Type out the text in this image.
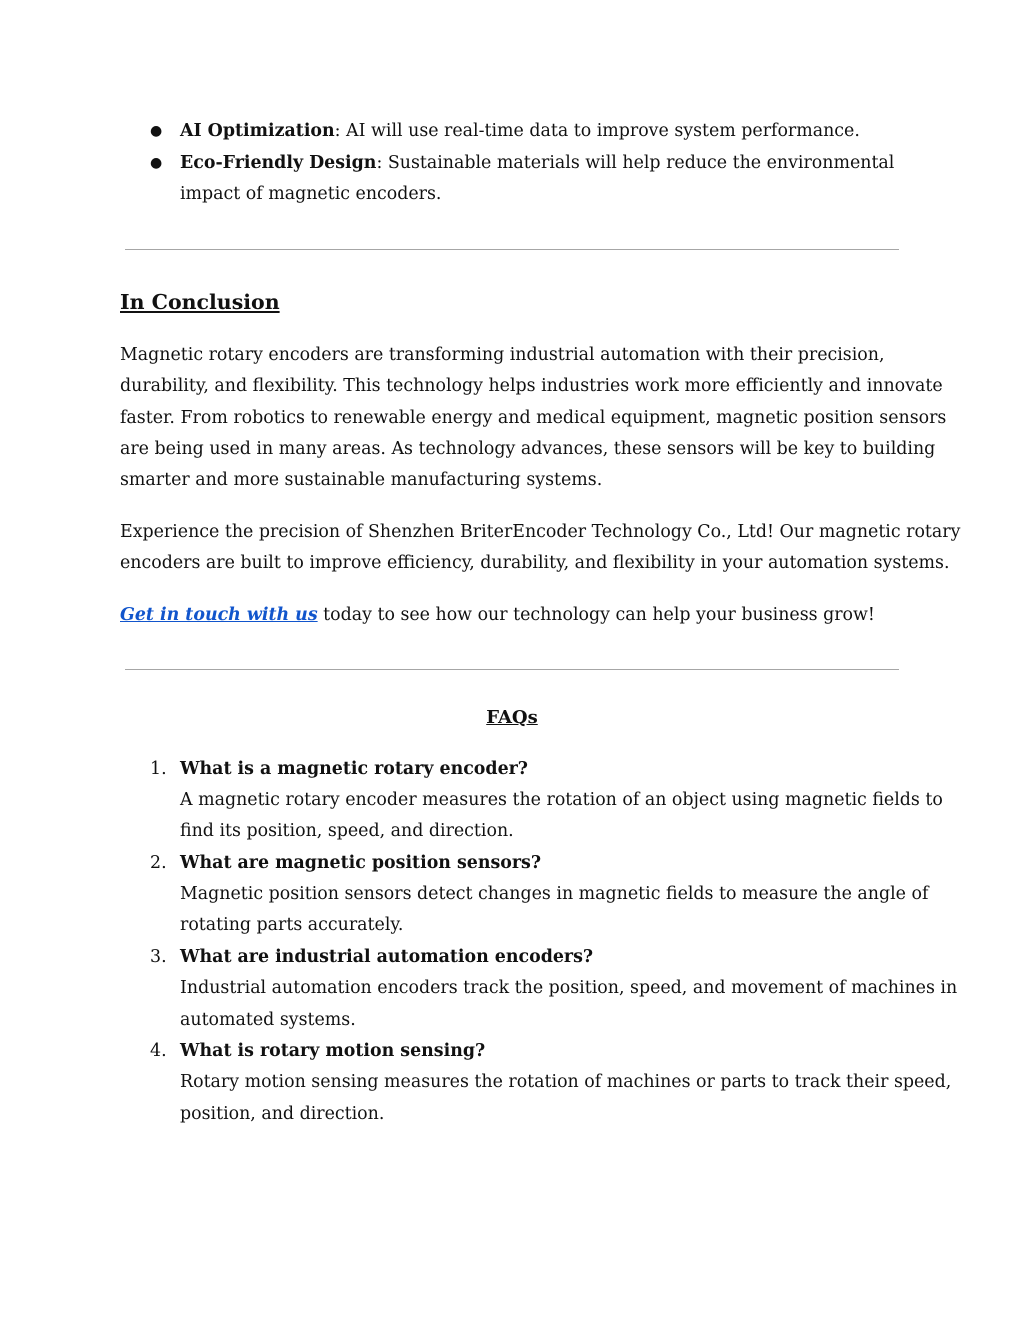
● AI Optimization: AI will use real-time data to improve system performance.
● Eco-Friendly Design: Sustainable materials will help reduce the environmental
impact of magnetic encoders.
In Conclusion
Magnetic rotary encoders are transforming industrial automation with their precision,
durability, and flexibility. This technology helps industries work more efficiently and innovate
faster. From robotics to renewable energy and medical equipment, magnetic position sensors
are being used in many areas. As technology advances, these sensors will be key to building
smarter and more sustainable manufacturing systems.
Experience the precision of Shenzhen BriterEncoder Technology Co., Ltd! Our magnetic rotary
encoders are built to improve efficiency, durability, and flexibility in your automation systems.
Get in touch with us today to see how our technology can help your business grow!
FAQs
1. What is a magnetic rotary encoder?
A magnetic rotary encoder measures the rotation of an object using magnetic fields to
find its position, speed, and direction.
2. What are magnetic position sensors?
Magnetic position sensors detect changes in magnetic fields to measure the angle of
rotating parts accurately.
3. What are industrial automation encoders?
Industrial automation encoders track the position, speed, and movement of machines in
automated systems.
4. What is rotary motion sensing?
Rotary motion sensing measures the rotation of machines or parts to track their speed,
position, and direction.
